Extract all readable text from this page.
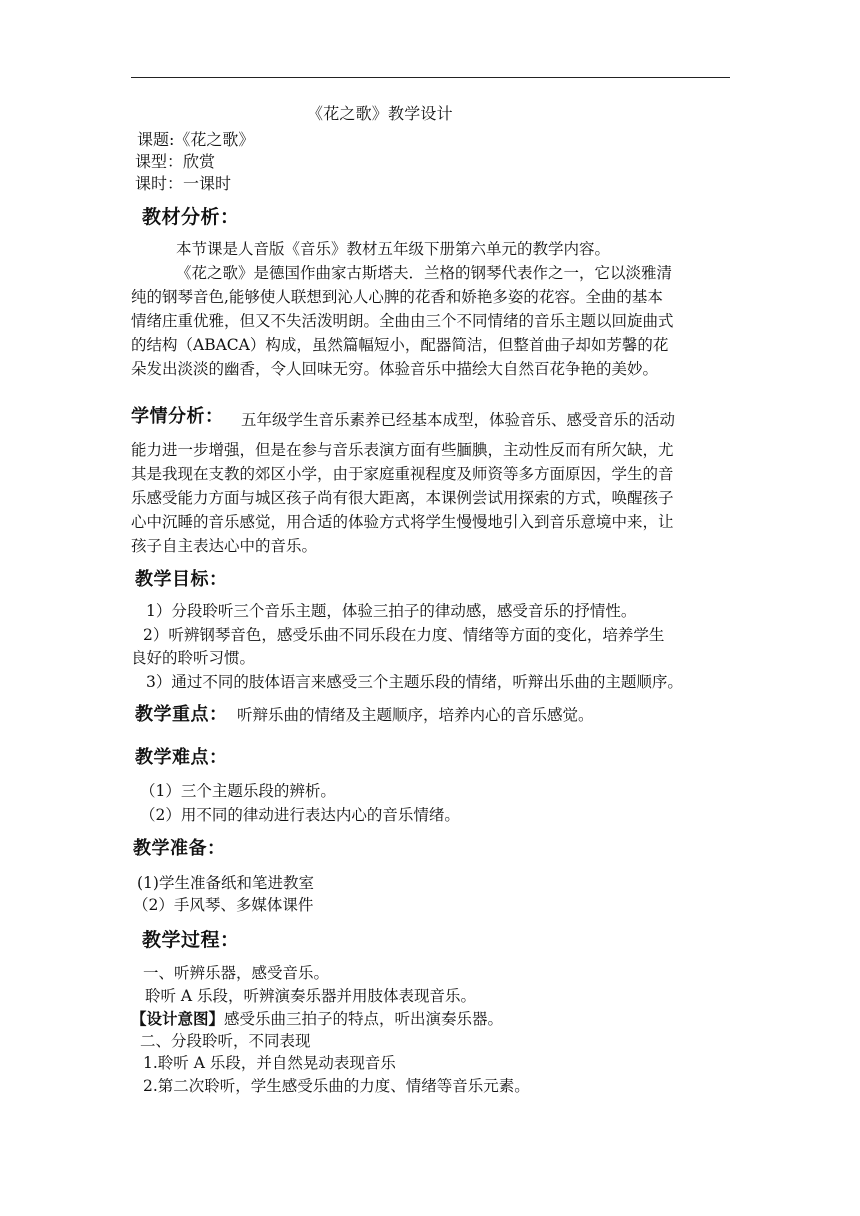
《花之歌》教学设计
课题:《花之歌》
课型：欣赏
课时：一课时
教材分析：
本节课是人音版《音乐》教材五年级下册第六单元的教学内容。
《花之歌》是德国作曲家古斯塔夫．兰格的钢琴代表作之一，它以淡雅清
纯的钢琴音色,能够使人联想到沁人心脾的花香和娇艳多姿的花容。全曲的基本
情绪庄重优雅，但又不失活泼明朗。全曲由三个不同情绪的音乐主题以回旋曲式
的结构（ABACA）构成，虽然篇幅短小，配器简洁，但整首曲子却如芳馨的花
朵发出淡淡的幽香，令人回味无穷。体验音乐中描绘大自然百花争艳的美妙。
学情分析： 五年级学生音乐素养已经基本成型，体验音乐、感受音乐的活动
能力进一步增强，但是在参与音乐表演方面有些腼腆，主动性反而有所欠缺，尤
其是我现在支教的郊区小学，由于家庭重视程度及师资等多方面原因，学生的音
乐感受能力方面与城区孩子尚有很大距离，本课例尝试用探索的方式，唤醒孩子
心中沉睡的音乐感觉，用合适的体验方式将学生慢慢地引入到音乐意境中来，让
孩子自主表达心中的音乐。
教学目标：
1）分段聆听三个音乐主题，体验三拍子的律动感，感受音乐的抒情性。
2）听辨钢琴音色，感受乐曲不同乐段在力度、情绪等方面的变化，培养学生
良好的聆听习惯。
3）通过不同的肢体语言来感受三个主题乐段的情绪，听辩出乐曲的主题顺序。
教学重点： 听辩乐曲的情绪及主题顺序，培养内心的音乐感觉。
教学难点：
（1）三个主题乐段的辨析。
（2）用不同的律动进行表达内心的音乐情绪。
教学准备：
(1)学生准备纸和笔进教室
（2）手风琴、多媒体课件
教学过程：
一、听辨乐器，感受音乐。
聆听 A 乐段，听辨演奏乐器并用肢体表现音乐。
【设计意图】感受乐曲三拍子的特点，听出演奏乐器。
二、分段聆听，不同表现
1.聆听 A 乐段，并自然晃动表现音乐
2.第二次聆听，学生感受乐曲的力度、情绪等音乐元素。
